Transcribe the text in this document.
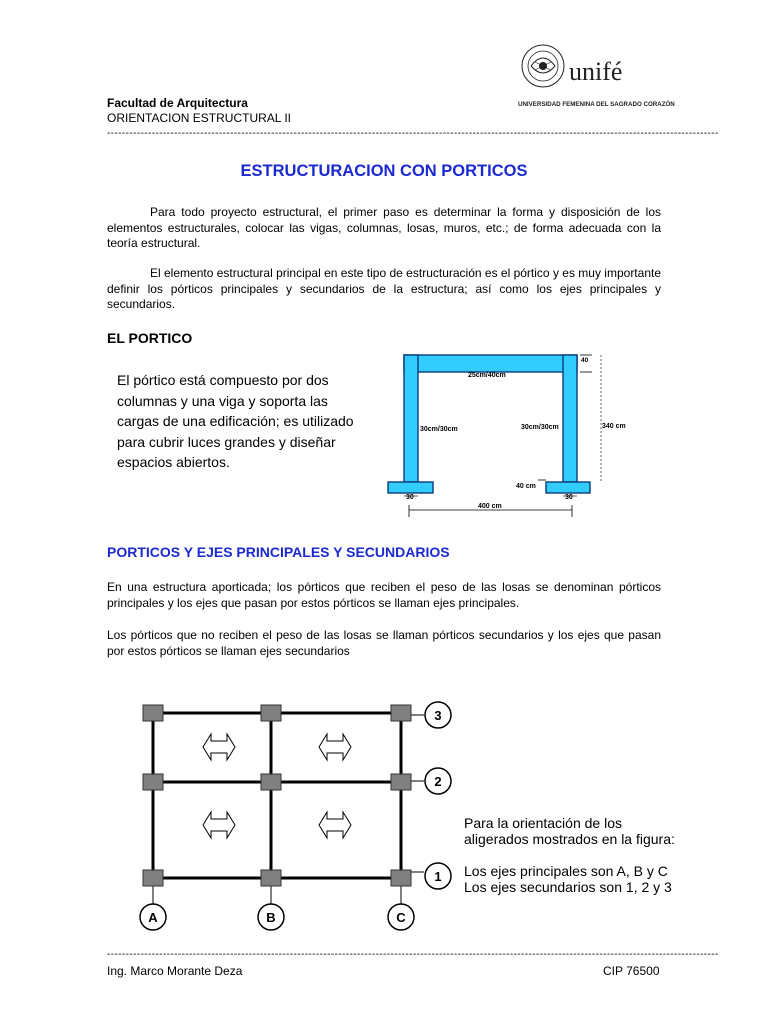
Facultad de Arquitectura
ORIENTACION ESTRUCTURAL II
unifé
UNIVERSIDAD FEMENINA DEL SAGRADO CORAZÓN
--------------------------------------------------------------------------------------------------------------------------------------------------------------------
ESTRUCTURACION CON PORTICOS
Para todo proyecto estructural, el primer paso es determinar la forma y disposición de los elementos estructurales, colocar las vigas, columnas, losas, muros, etc.; de forma adecuada con la teoría estructural.
El elemento estructural principal en este tipo de estructuración es el pórtico y es muy importante definir los pórticos principales y secundarios de la estructura; así como los ejes principales y secundarios.
EL PORTICO
El pórtico está compuesto por dos columnas y una viga y soporta las cargas de una edificación; es utilizado para cubrir luces grandes y diseñar espacios abiertos.
25cm/40cm
30cm/30cm	30cm/30cm
40
340 cm
40 cm
30	30
400 cm
PORTICOS Y EJES PRINCIPALES Y SECUNDARIOS
En una estructura aporticada; los pórticos que reciben el peso de las losas se denominan pórticos principales y los ejes que pasan por estos pórticos se llaman ejes principales.
Los pórticos que no reciben el peso de las losas se llaman pórticos secundarios y los ejes que pasan por estos pórticos se llaman ejes secundarios
3
2
1
A	B	C
Para la orientación de los
aligerados mostrados en la figura:
Los ejes principales son A, B y C
Los ejes secundarios son 1, 2 y 3
--------------------------------------------------------------------------------------------------------------------------------------------------------------------
Ing. Marco Morante Deza	CIP 76500
